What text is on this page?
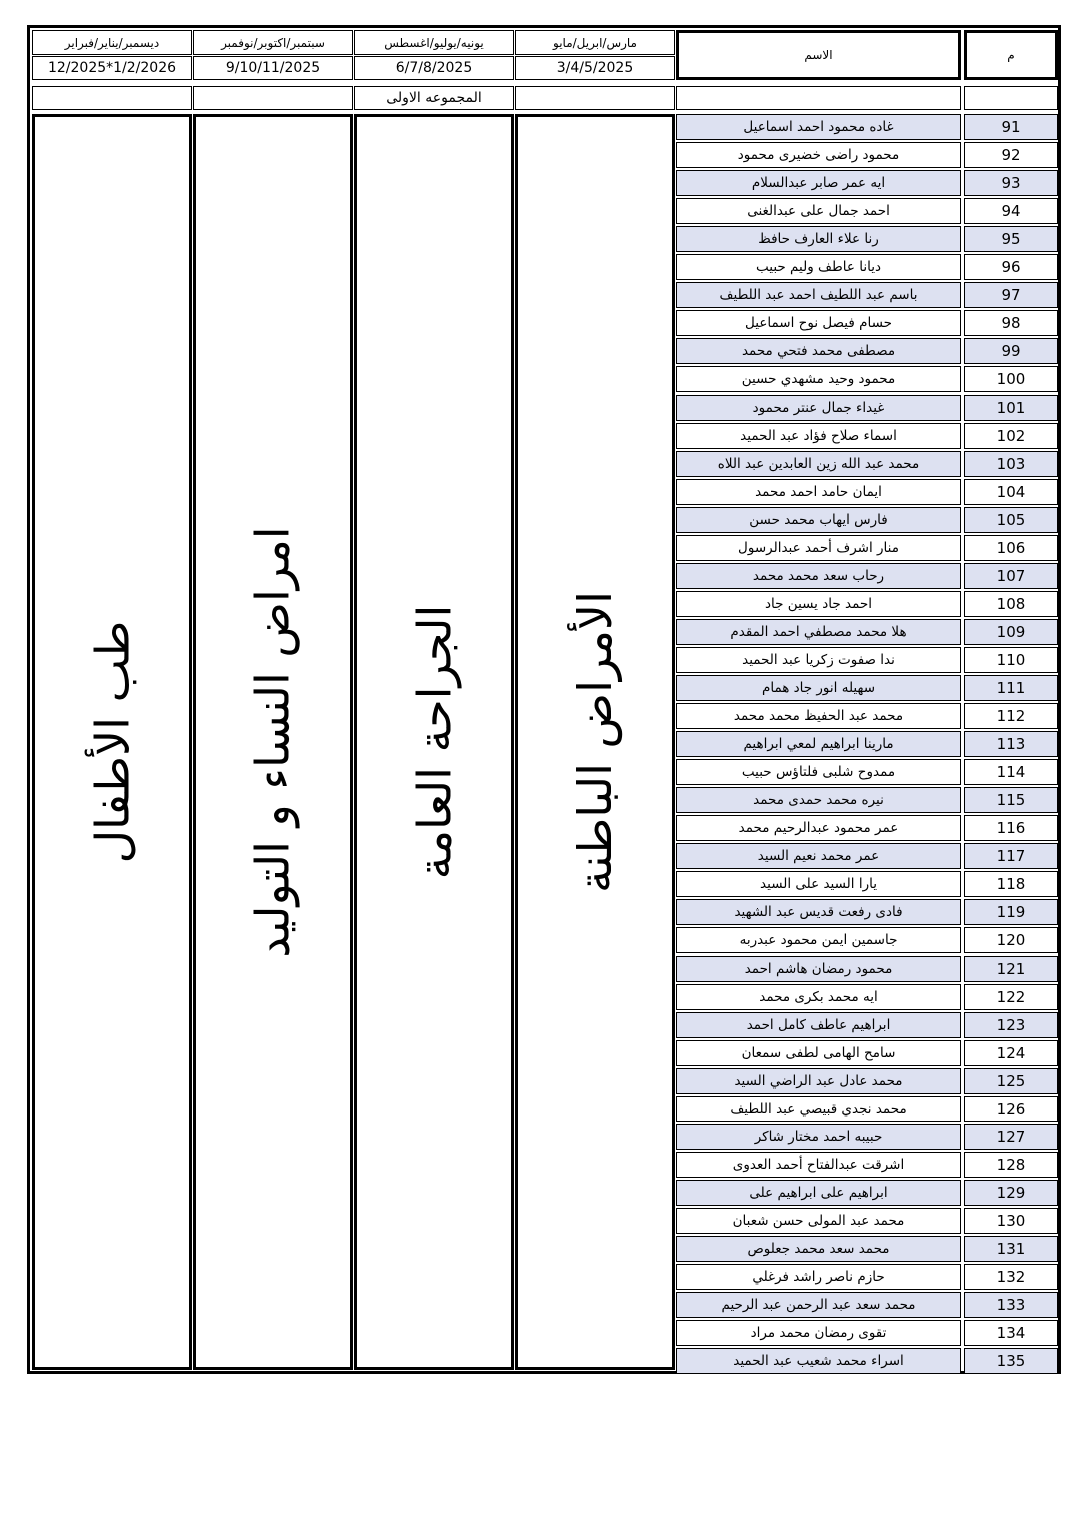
م
الاسم
مارس/ابريل/مايو
يونيه/يوليو/اغسطس
سبتمبر/اكتوبر/نوفمبر
ديسمبر/يناير/فبراير
3/4/5/2025
6/7/8/2025
9/10/11/2025
12/2025*1/2/2026
المجموعه الاولى
الأمراض الباطنة
الجراحة العامة
امراض النساء و التوليد
طب الأطفال
91
غاده محمود احمد اسماعيل
92
محمود راضى خضيرى محمود
93
ايه عمر صابر عبدالسلام
94
احمد جمال على عبدالغنى
95
رنا علاء العارف حافظ
96
ديانا عاطف وليم حبيب
97
باسم عبد اللطيف احمد عبد اللطيف
98
حسام فيصل نوح اسماعيل
99
مصطفى محمد فتحي محمد
100
محمود وحيد مشهدي حسين
101
غيداء جمال عنتر محمود
102
اسماء صلاح فؤاد عبد الحميد
103
محمد عبد الله زين العابدين عبد اللاه
104
ايمان حامد احمد محمد
105
فارس ايهاب محمد حسن
106
منار اشرف أحمد عبدالرسول
107
رحاب سعد محمد محمد
108
احمد جاد يسين جاد
109
هلا محمد مصطفي احمد المقدم
110
ندا صفوت زكريا عبد الحميد
111
سهيله انور جاد همام
112
محمد عبد الحفيظ محمد محمد
113
مارينا ابراهيم لمعي ابراهيم
114
ممدوح شلبى فلتاؤس حبيب
115
نيره محمد حمدى محمد
116
عمر محمود عبدالرحيم محمد
117
عمر محمد نعيم السيد
118
يارا السيد على السيد
119
فادى رفعت قديس عبد الشهيد
120
جاسمين ايمن محمود عبدربه
121
محمود رمضان هاشم احمد
122
ايه محمد بكرى محمد
123
ابراهيم عاطف كامل احمد
124
سامح الهامى لطفى سمعان
125
محمد عادل عبد الراضي السيد
126
محمد نجدي قبيصي عبد اللطيف
127
حبيبه احمد مختار شاكر
128
اشرقت عبدالفتاح أحمد العدوى
129
ابراهيم على ابراهيم على
130
محمد عبد المولى حسن شعبان
131
محمد سعد محمد جعلوص
132
حازم ناصر راشد فرغلي
133
محمد سعد عبد الرحمن عبد الرحيم
134
تقوى رمضان محمد مراد
135
اسراء محمد شعيب عبد الحميد
